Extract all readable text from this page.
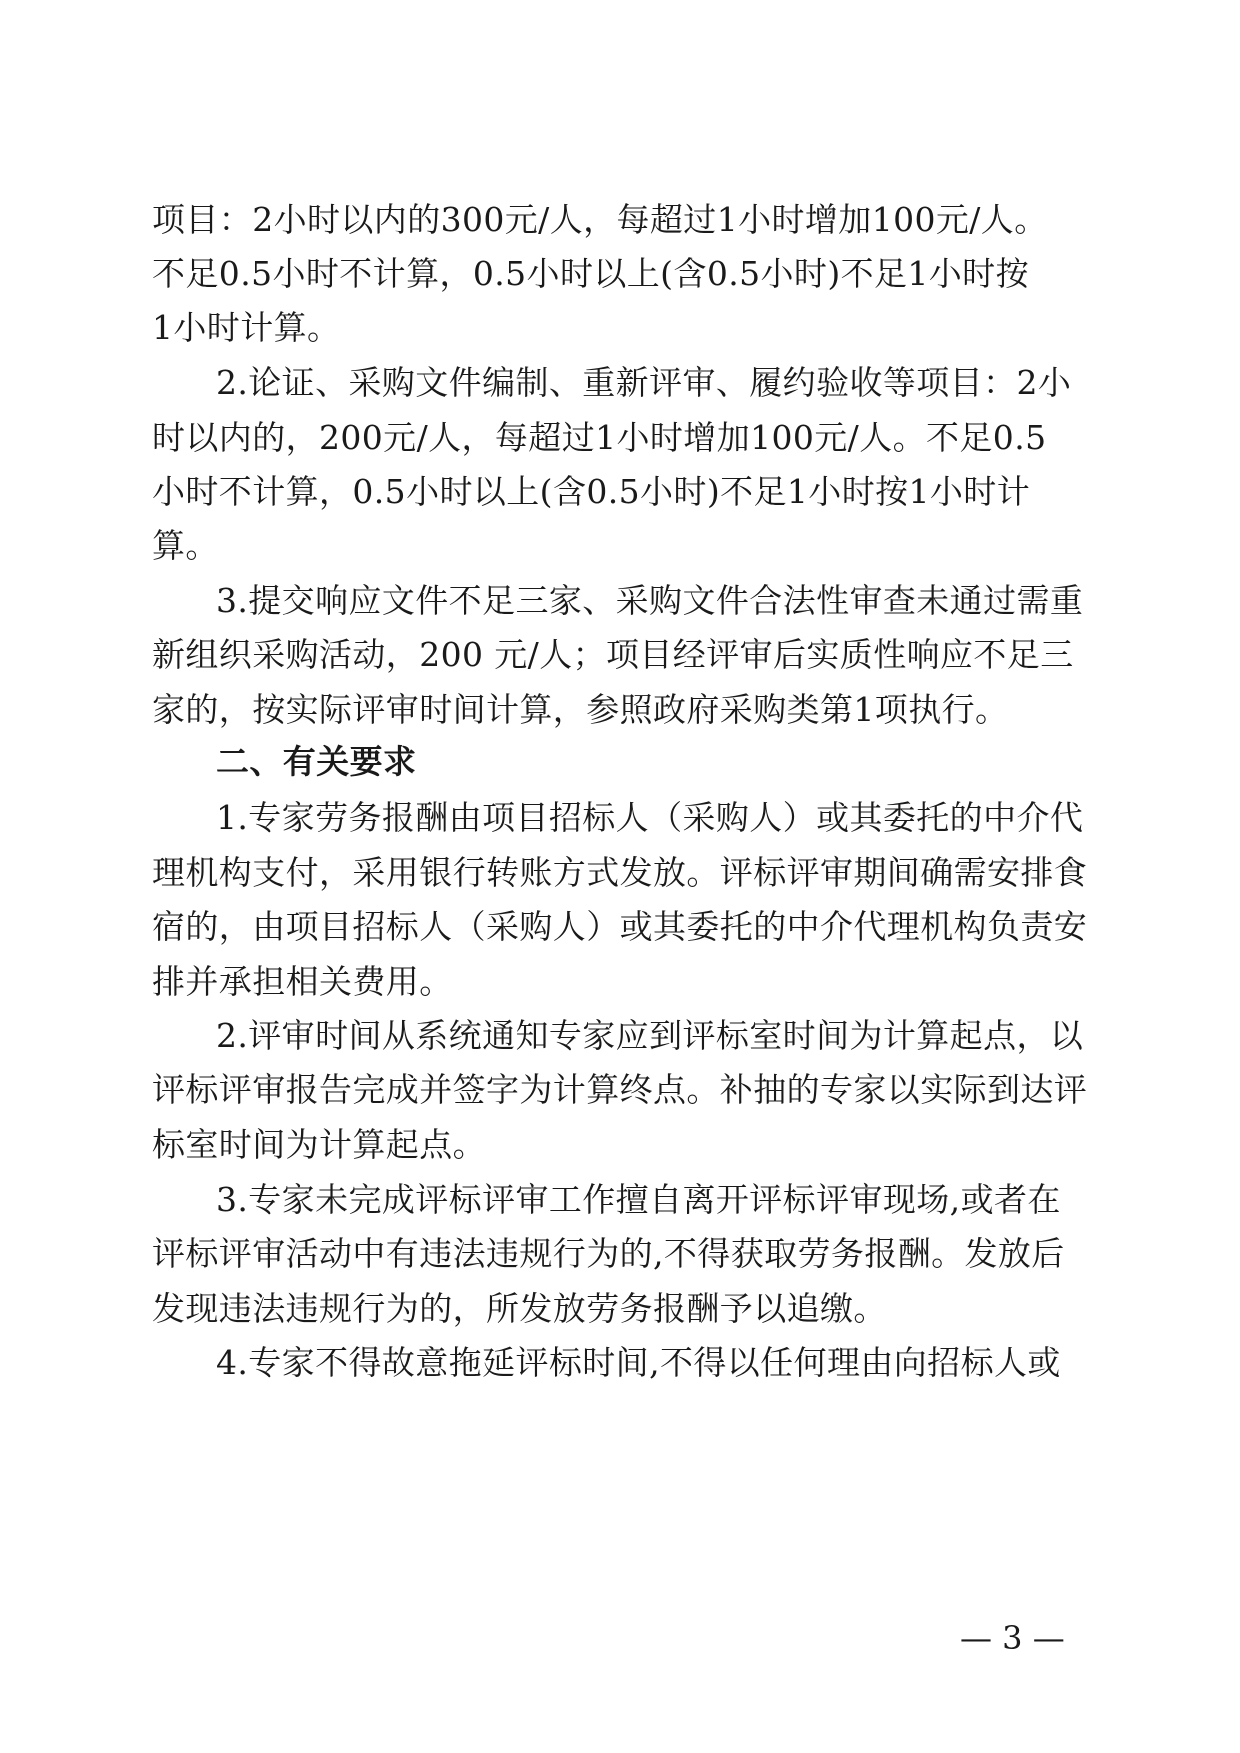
项目：2小时以内的300元/人，每超过1小时增加100元/人。
不足0.5小时不计算，0.5小时以上(含0.5小时)不足1小时按
1小时计算。
2.论证、采购文件编制、重新评审、履约验收等项目：2小
时以内的，200元/人，每超过1小时增加100元/人。不足0.5
小时不计算，0.5小时以上(含0.5小时)不足1小时按1小时计
算。
3.提交响应文件不足三家、采购文件合法性审查未通过需重
新组织采购活动，200 元/人；项目经评审后实质性响应不足三
家的，按实际评审时间计算，参照政府采购类第1项执行。
二、有关要求
1.专家劳务报酬由项目招标人（采购人）或其委托的中介代
理机构支付，采用银行转账方式发放。评标评审期间确需安排食
宿的，由项目招标人（采购人）或其委托的中介代理机构负责安
排并承担相关费用。
2.评审时间从系统通知专家应到评标室时间为计算起点，以
评标评审报告完成并签字为计算终点。补抽的专家以实际到达评
标室时间为计算起点。
3.专家未完成评标评审工作擅自离开评标评审现场,或者在
评标评审活动中有违法违规行为的,不得获取劳务报酬。发放后
发现违法违规行为的，所发放劳务报酬予以追缴。
4.专家不得故意拖延评标时间,不得以任何理由向招标人或
— 3 —
